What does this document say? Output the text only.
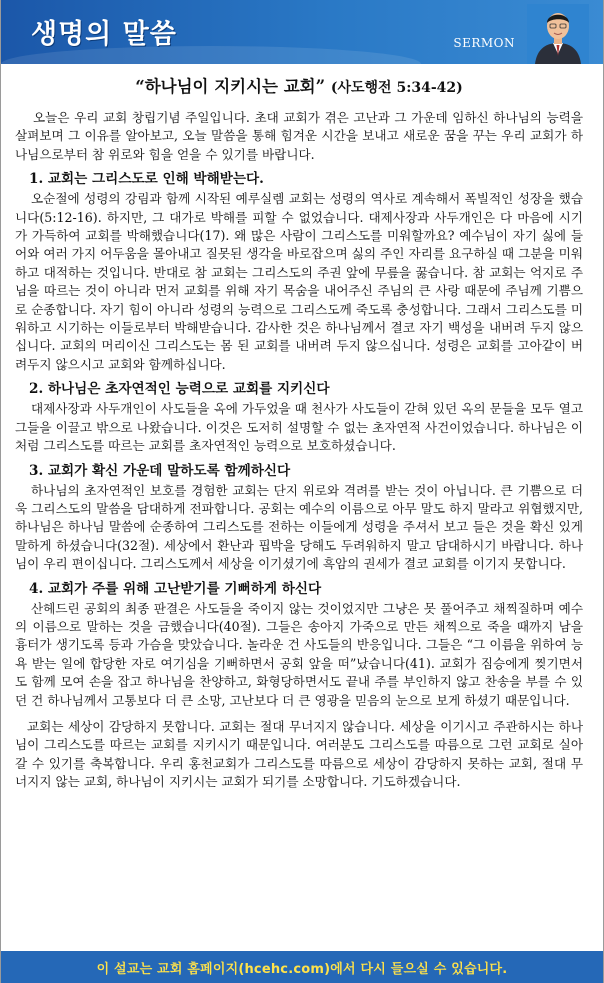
생명의 말씀	SERMON
“하나님이 지키시는 교회” (사도행전 5:34-42)

오늘은 우리 교회 창립기념 주일입니다. 초대 교회가 겪은 고난과 그 가운데 임하신 하나님의 능력을 살펴보며 그 이유를 알아보고, 오늘 말씀을 통해 힘겨운 시간을 보내고 새로운 꿈을 꾸는 우리 교회가 하나님으로부터 참 위로와 힘을 얻을 수 있기를 바랍니다.

1. 교회는 그리스도로 인해 박해받는다.

오순절에 성령의 강림과 함께 시작된 예루실렘 교회는 성령의 역사로 계속해서 폭빌적인 성장을 했습니다(5:12-16). 하지만, 그 대가로 박해를 피할 수 없었습니다. 대제사장과 사두개인은 다 마음에 시기가 가득하여 교회를 박해했습니다(17). 왜 많은 사람이 그리스도를 미워할까요? 예수님이 자기 싫에 들어와 여러 가지 어두움을 몰아내고 질못된 생각을 바로잡으며 싫의 주인 자리를 요구하실 때 그분을 미워하고 대적하는 것입니다. 반대로 참 교회는 그리스도의 주권 앞에 무릎을 꿇습니다. 참 교회는 억지로 주님을 따르는 것이 아니라 먼저 교회를 위해 자기 목숨을 내어주신 주님의 큰 사랑 때문에 주님께 기쁨으로 순종합니다. 자기 힘이 아니라 성령의 능력으로 그리스도께 죽도록 충성합니다. 그래서 그리스도를 미워하고 시기하는 이들로부터 박해받습니다. 감사한 것은 하나님께서 결코 자기 백성을 내버려 두지 않으십니다. 교회의 머리이신 그리스도는 몸 된 교회를 내버려 두지 않으십니다. 성령은 교회를 고아같이 버려두지 않으시고 교회와 함께하십니다.

2. 하나님은 초자연적인 능력으로 교회를 지키신다

대제사장과 사두개인이 사도들을 옥에 가두었을 때 천사가 사도들이 갇혀 있던 옥의 문들을 모두 열고 그들을 이끌고 밖으로 나왔습니다. 이것은 도저히 설명할 수 없는 초자연적 사건이었습니다. 하나님은 이처럼 그리스도를 따르는 교회를 초자연적인 능력으로 보호하셨습니다.

3. 교회가 확신 가운데 말하도록 함께하신다

하나님의 초자연적인 보호를 경험한 교회는 단지 위로와 격려를 받는 것이 아닙니다. 큰 기쁨으로 더욱 그리스도의 말씀을 담대하게 전파합니다. 공회는 예수의 이름으로 아무 말도 하지 말라고 위협했지만, 하나님은 하나님 말씀에 순종하여 그리스도를 전하는 이들에게 성령을 주셔서 보고 들은 것을 확신 있게 말하게 하셨습니다(32절). 세상에서 환난과 핍박을 당해도 두려워하지 말고 담대하시기 바랍니다. 하나님이 우리 편이십니다. 그리스도께서 세상을 이기셨기에 흑암의 권세가 결코 교회를 이기지 못합니다.

4. 교회가 주를 위해 고난받기를 기뻐하게 하신다

산헤드린 공회의 최종 판결은 사도들을 죽이지 않는 것이었지만 그냥은 못 풀어주고 채찍질하며 예수의 이름으로 말하는 것을 금했습니다(40절). 그들은 송아지 가죽으로 만든 채찍으로 죽을 때까지 남을 흉터가 생기도록 등과 가슴을 맞았습니다. 놀라운 건 사도들의 반응입니다. 그들은 “그 이름을 위하여 능욕 받는 일에 합당한 자로 여기심을 기뻐하면서 공회 앞을 떠”났습니다(41). 교회가 짐승에게 찢기면서도 함께 모여 손을 잡고 하나님을 찬양하고, 화형당하면서도 끝내 주를 부인하지 않고 찬송을 부를 수 있던 건 하나님께서 고통보다 더 큰 소망, 고난보다 더 큰 영광을 믿음의 눈으로 보게 하셨기 때문입니다.

교회는 세상이 감당하지 못합니다. 교회는 절대 무너지지 않습니다. 세상을 이기시고 주관하시는 하나님이 그리스도를 따르는 교회를 지키시기 때문입니다. 여러분도 그리스도를 따름으로 그런 교회로 실아갈 수 있기를 축복합니다. 우리 홍천교회가 그리스도를 따름으로 세상이 감당하지 못하는 교회, 절대 무너지지 않는 교회, 하나님이 지키시는 교회가 되기를 소망합니다. 기도하겠습니다.

이 설교는 교회 홈페이지(hcehc.com)에서 다시 들으실 수 있습니다.
